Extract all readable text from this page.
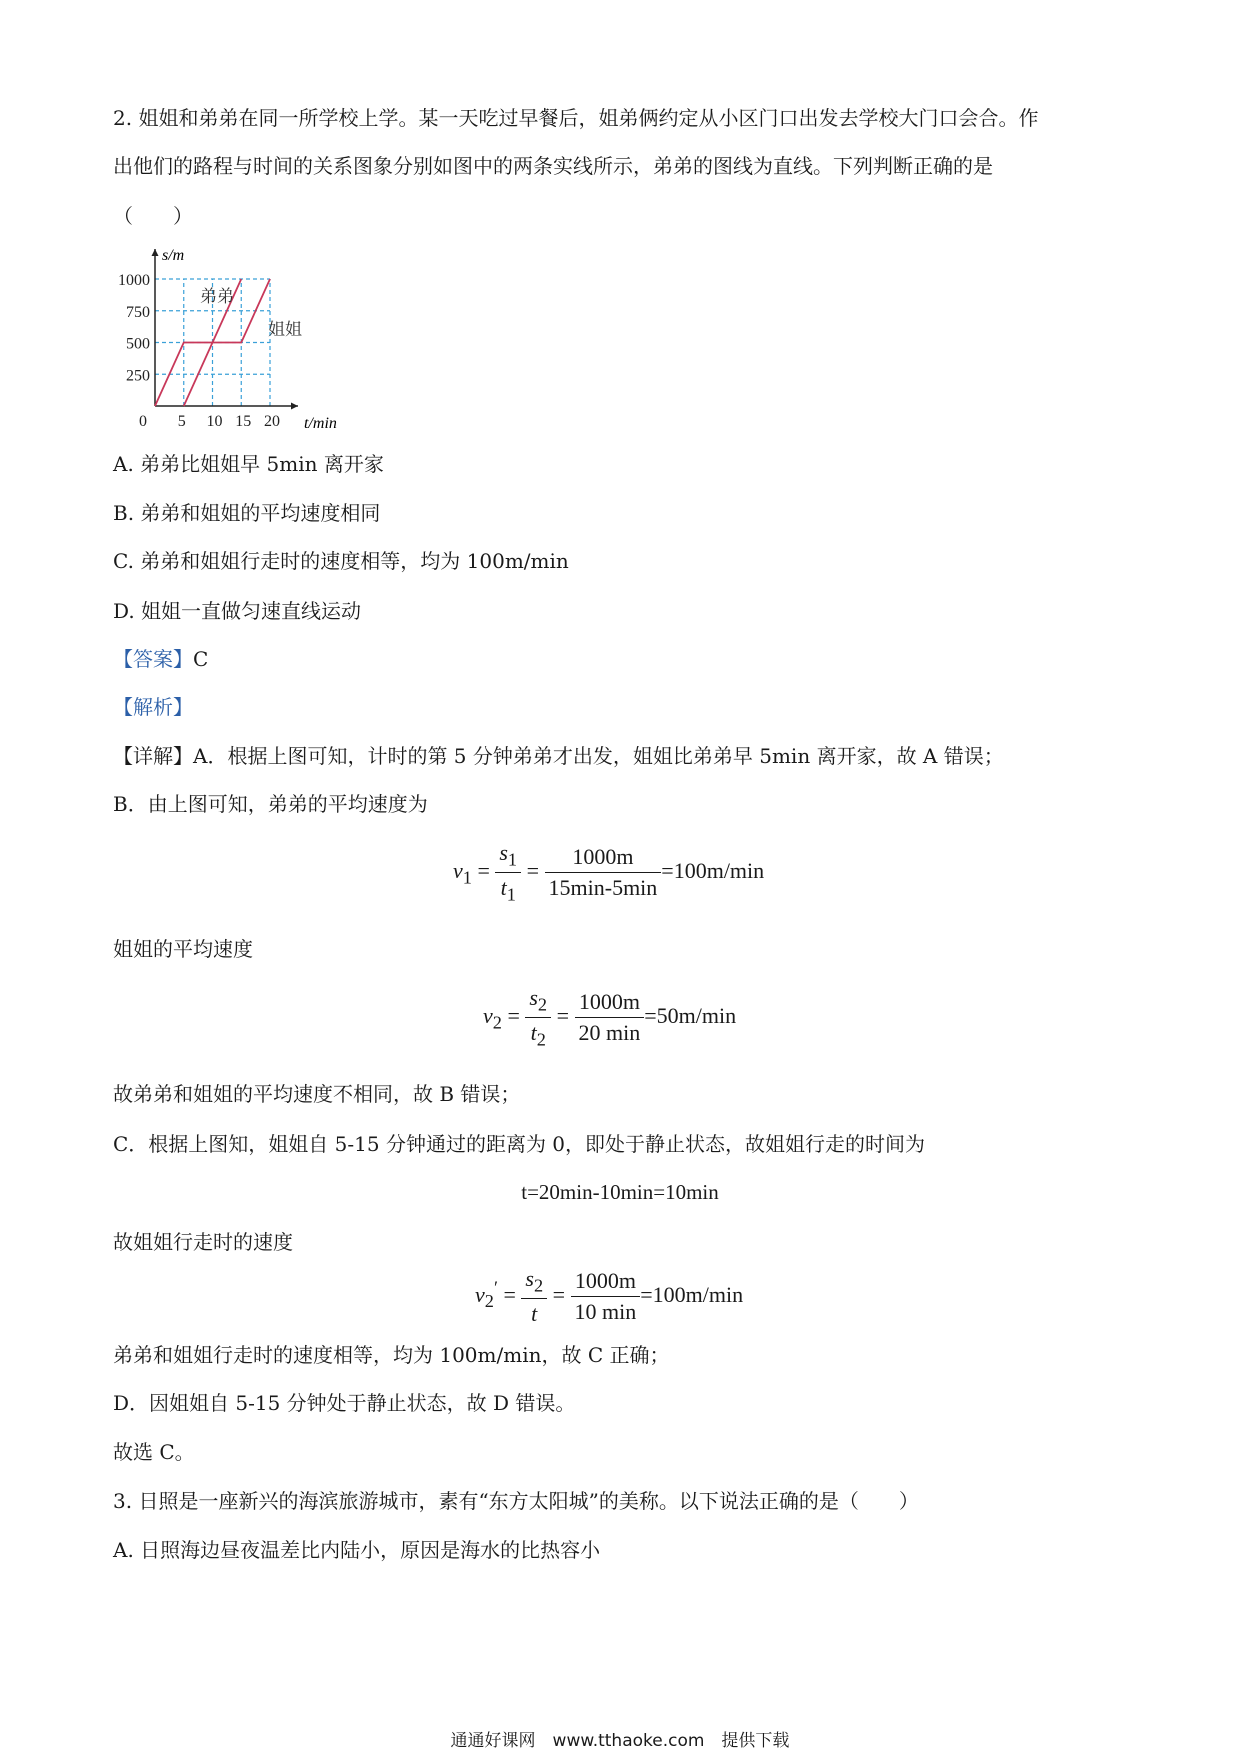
2. 姐姐和弟弟在同一所学校上学。某一天吃过早餐后，姐弟俩约定从小区门口出发去学校大门口会合。作
出他们的路程与时间的关系图象分别如图中的两条实线所示，弟弟的图线为直线。下列判断正确的是
（　　）
0 5 10 15 20
250
500
750
1000
s/m
t/min
弟弟
姐姐
A. 弟弟比姐姐早 5min 离开家
B. 弟弟和姐姐的平均速度相同
C. 弟弟和姐姐行走时的速度相等，均为 100m/min
D. 姐姐一直做匀速直线运动
【答案】C
【解析】
【详解】A．根据上图可知，计时的第 5 分钟弟弟才出发，姐姐比弟弟早 5min 离开家，故 A 错误；
B．由上图可知，弟弟的平均速度为
$v_1 = \frac{s_1}{t_1} = \frac{1000m}{15\min-5\min} =100m/\min$
姐姐的平均速度
$v_2 = \frac{s_2}{t_2} = \frac{1000m}{20 \min} =50m/\min$
故弟弟和姐姐的平均速度不相同，故 B 错误；
C．根据上图知，姐姐自 5-15 分钟通过的距离为 0，即处于静止状态，故姐姐行走的时间为
t=20min-10min=10min
故姐姐行走时的速度
$v_2' = \frac{s_2}{t} = \frac{1000m}{10 \min} =100m/\min$
弟弟和姐姐行走时的速度相等，均为 100m/min，故 C 正确；
D．因姐姐自 5-15 分钟处于静止状态，故 D 错误。
故选 C。
3. 日照是一座新兴的海滨旅游城市，素有“东方太阳城”的美称。以下说法正确的是（　　）
A. 日照海边昼夜温差比内陆小，原因是海水的比热容小
通通好课网　www.tthaoke.com　提供下载
